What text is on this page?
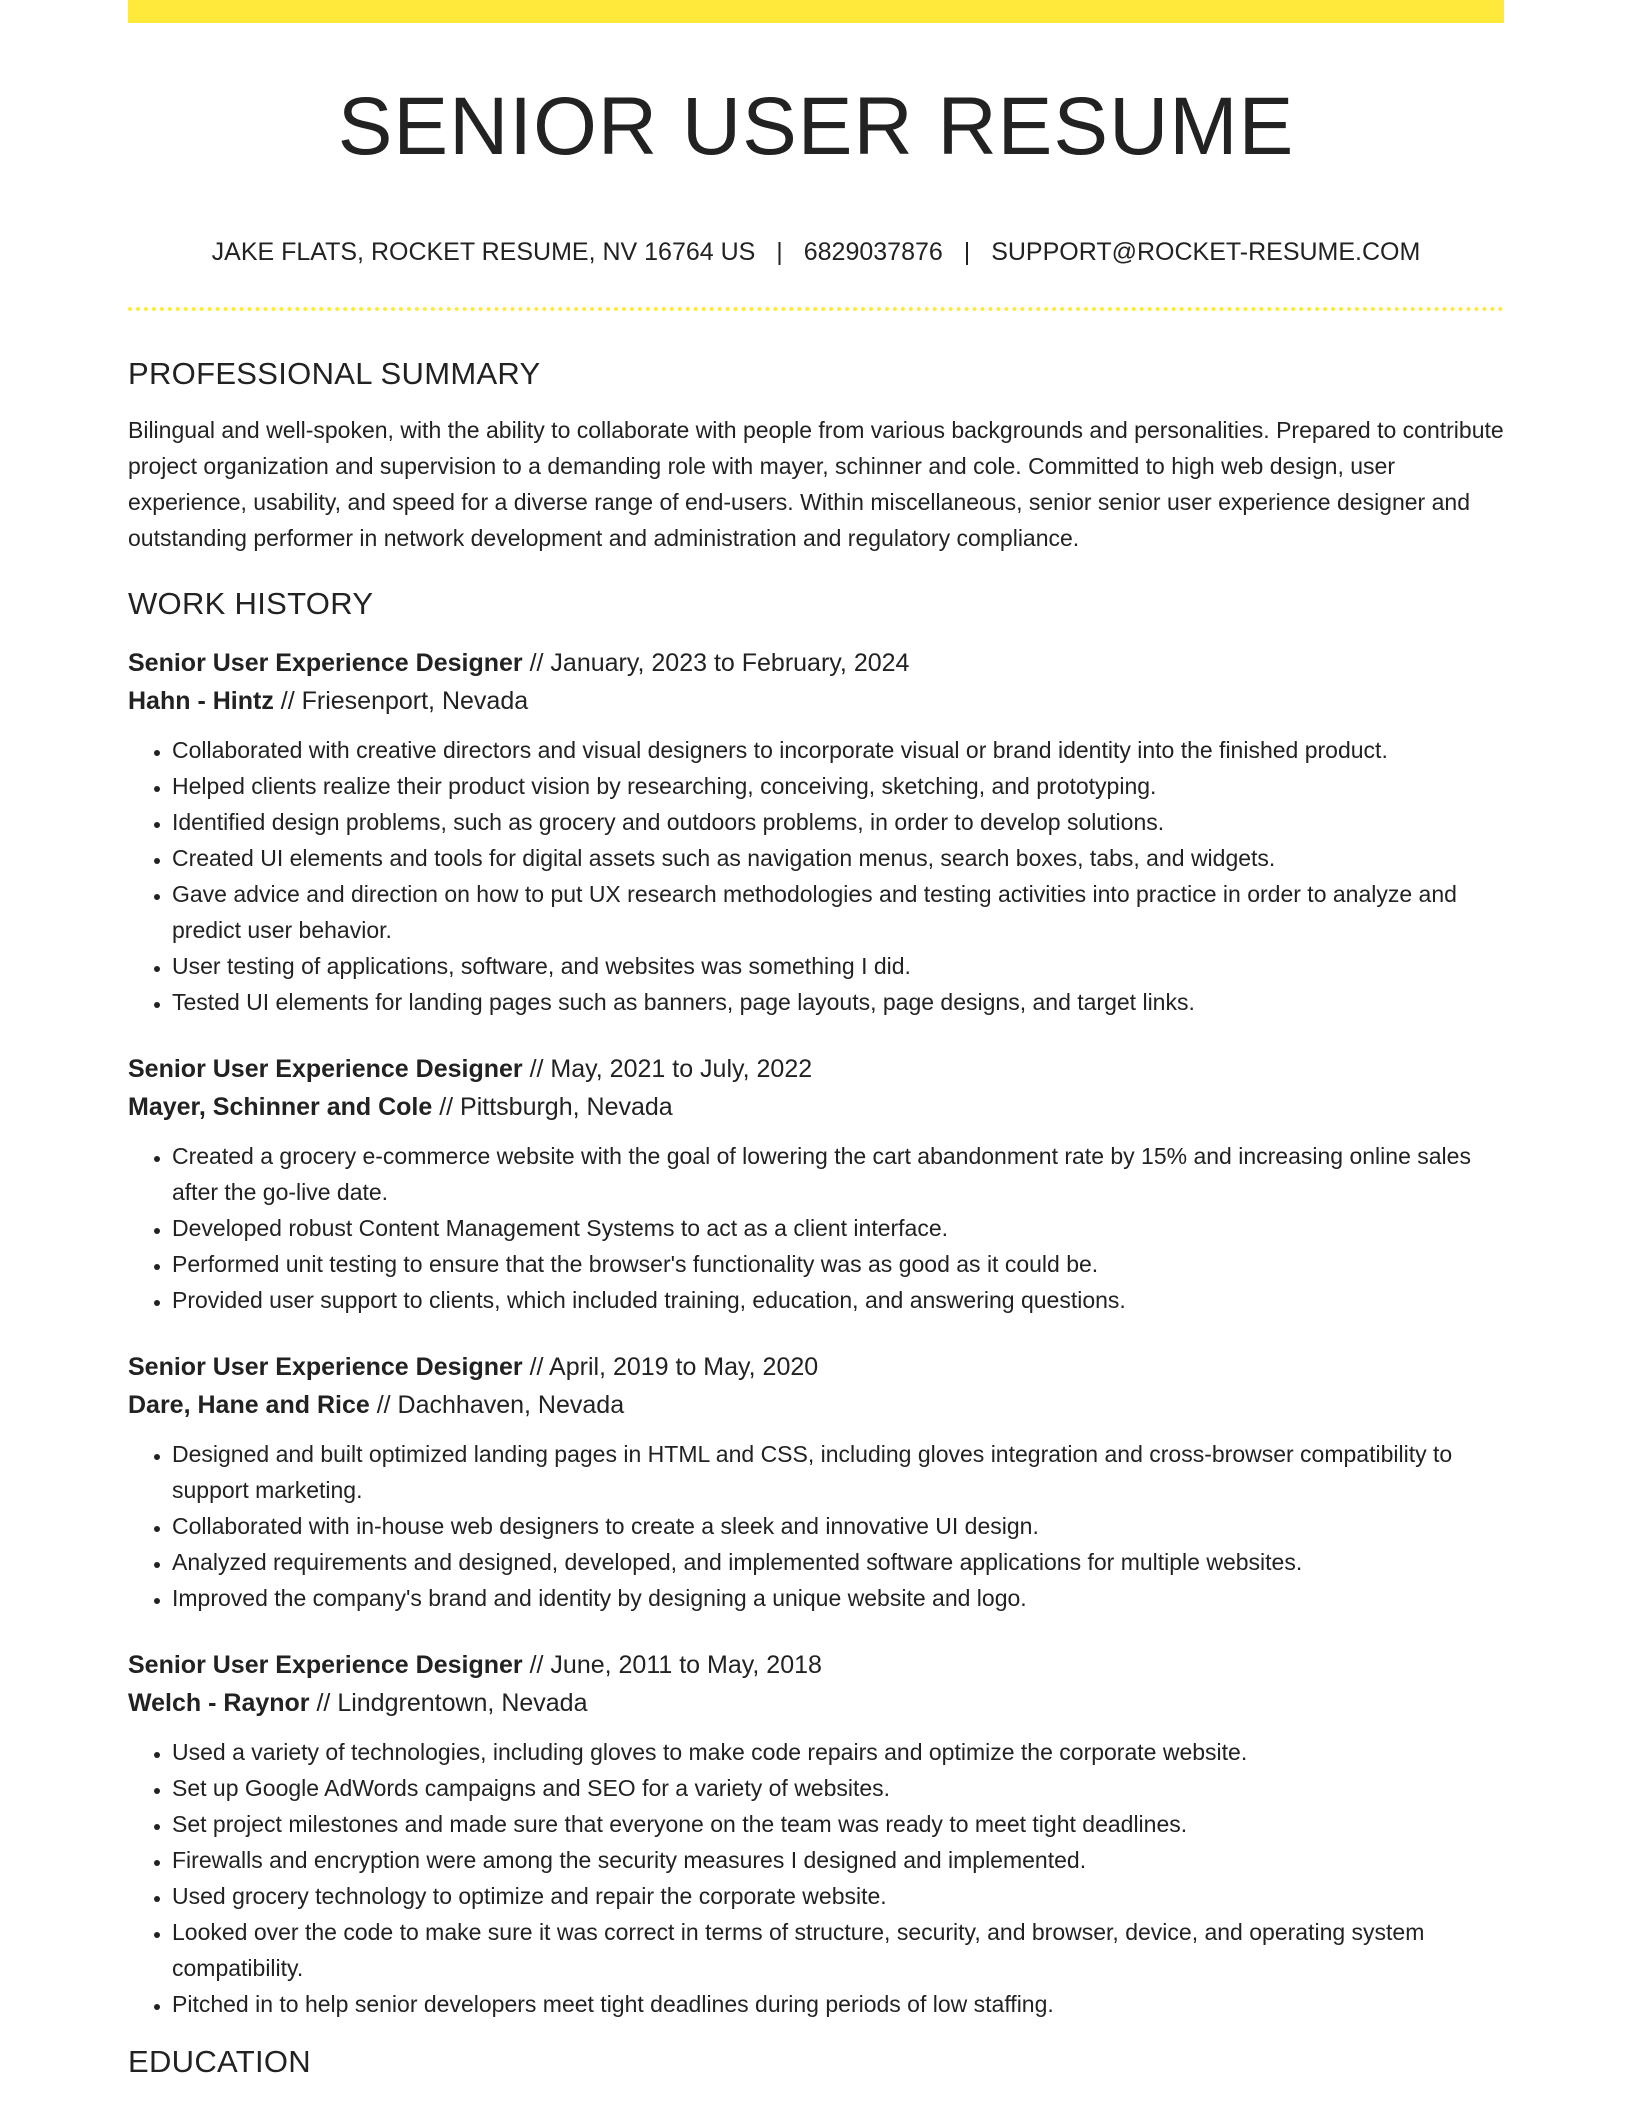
SENIOR USER RESUME
JAKE FLATS, ROCKET RESUME, NV 16764 US | 6829037876 | SUPPORT@ROCKET-RESUME.COM
PROFESSIONAL SUMMARY

Bilingual and well-spoken, with the ability to collaborate with people from various backgrounds and personalities. Prepared to contribute project organization and supervision to a demanding role with mayer, schinner and cole. Committed to high web design, user experience, usability, and speed for a diverse range of end-users. Within miscellaneous, senior senior user experience designer and outstanding performer in network development and administration and regulatory compliance.

WORK HISTORY
Senior User Experience Designer // January, 2023 to February, 2024
Hahn - Hintz // Friesenport, Nevada
• Collaborated with creative directors and visual designers to incorporate visual or brand identity into the finished product.
• Helped clients realize their product vision by researching, conceiving, sketching, and prototyping.
• Identified design problems, such as grocery and outdoors problems, in order to develop solutions.
• Created UI elements and tools for digital assets such as navigation menus, search boxes, tabs, and widgets.
• Gave advice and direction on how to put UX research methodologies and testing activities into practice in order to analyze and predict user behavior.
• User testing of applications, software, and websites was something I did.
• Tested UI elements for landing pages such as banners, page layouts, page designs, and target links.
Senior User Experience Designer // May, 2021 to July, 2022
Mayer, Schinner and Cole // Pittsburgh, Nevada
• Created a grocery e-commerce website with the goal of lowering the cart abandonment rate by 15% and increasing online sales after the go-live date.
• Developed robust Content Management Systems to act as a client interface.
• Performed unit testing to ensure that the browser's functionality was as good as it could be.
• Provided user support to clients, which included training, education, and answering questions.
Senior User Experience Designer // April, 2019 to May, 2020
Dare, Hane and Rice // Dachhaven, Nevada
• Designed and built optimized landing pages in HTML and CSS, including gloves integration and cross-browser compatibility to support marketing.
• Collaborated with in-house web designers to create a sleek and innovative UI design.
• Analyzed requirements and designed, developed, and implemented software applications for multiple websites.
• Improved the company's brand and identity by designing a unique website and logo.
Senior User Experience Designer // June, 2011 to May, 2018
Welch - Raynor // Lindgrentown, Nevada
• Used a variety of technologies, including gloves to make code repairs and optimize the corporate website.
• Set up Google AdWords campaigns and SEO for a variety of websites.
• Set project milestones and made sure that everyone on the team was ready to meet tight deadlines.
• Firewalls and encryption were among the security measures I designed and implemented.
• Used grocery technology to optimize and repair the corporate website.
• Looked over the code to make sure it was correct in terms of structure, security, and browser, device, and operating system compatibility.
• Pitched in to help senior developers meet tight deadlines during periods of low staffing.
EDUCATION
